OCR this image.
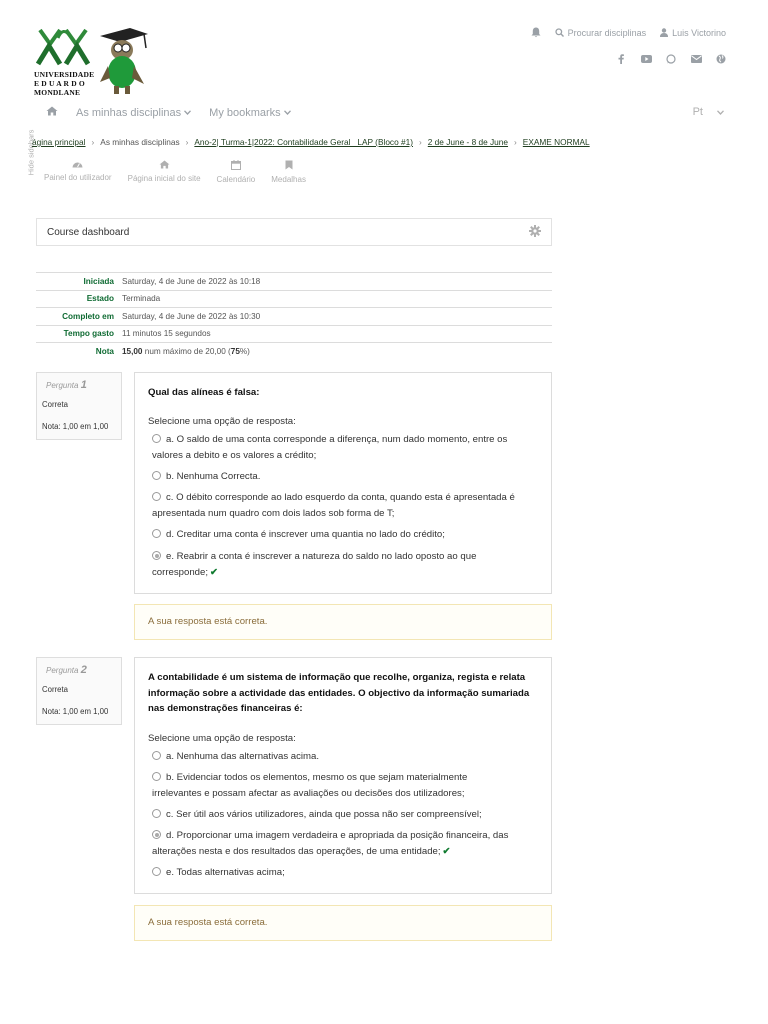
UNIVERSIDADE
E D U A R D O
MONDLANE
Procurar disciplinas	Luis Victorino
As minhas disciplinas	My bookmarks	Pt
Hide sidebars
ágina principal › As minhas disciplinas › Ano-2| Turma-1|2022: Contabilidade Geral _LAP (Bloco #1) › 2 de June - 8 de June › EXAME NORMAL
Painel do utilizador Página inicial do site Calendário Medalhas
Course dashboard
Iniciada	Saturday, 4 de June de 2022 às 10:18
Estado	Terminada
Completo em	Saturday, 4 de June de 2022 às 10:30
Tempo gasto	11 minutos 15 segundos
Nota	15,00 num máximo de 20,00 (75%)
Pergunta 1
Correta
Nota: 1,00 em 1,00
Qual das alíneas é falsa:
Selecione uma opção de resposta:
a. O saldo de uma conta corresponde a diferença, num dado momento, entre os
valores a debito e os valores a crédito;
b. Nenhuma Correcta.
c. O débito corresponde ao lado esquerdo da conta, quando esta é apresentada é
apresentada num quadro com dois lados sob forma de T;
d. Creditar uma conta é inscrever uma quantia no lado do crédito;
e. Reabrir a conta é inscrever a natureza do saldo no lado oposto ao que
corresponde; ✔
A sua resposta está correta.
Pergunta 2
Correta
Nota: 1,00 em 1,00
A contabilidade é um sistema de informação que recolhe, organiza, regista e relata
informação sobre a actividade das entidades. O objectivo da informação sumariada
nas demonstrações financeiras é:
Selecione uma opção de resposta:
a. Nenhuma das alternativas acima.
b. Evidenciar todos os elementos, mesmo os que sejam materialmente
irrelevantes e possam afectar as avaliações ou decisões dos utilizadores;
c. Ser útil aos vários utilizadores, ainda que possa não ser compreensível;
d. Proporcionar uma imagem verdadeira e apropriada da posição financeira, das
alterações nesta e dos resultados das operações, de uma entidade; ✔
e. Todas alternativas acima;
A sua resposta está correta.
